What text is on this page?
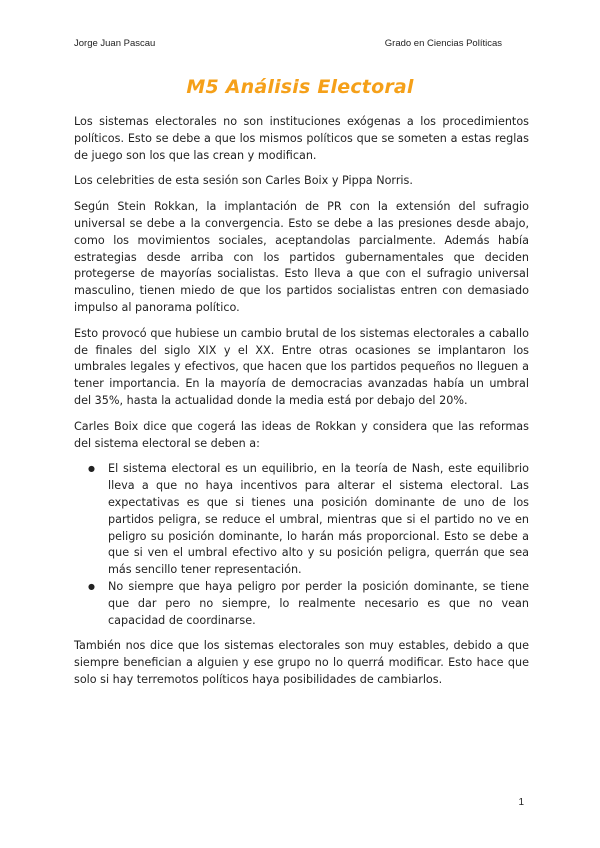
Jorge Juan Pascau	Grado en Ciencias Políticas
M5 Análisis Electoral

Los sistemas electorales no son instituciones exógenas a los procedimientos políticos. Esto se debe a que los mismos políticos que se someten a estas reglas de juego son los que las crean y modifican.

Los celebrities de esta sesión son Carles Boix y Pippa Norris.

Según Stein Rokkan, la implantación de PR con la extensión del sufragio universal se debe a la convergencia. Esto se debe a las presiones desde abajo, como los movimientos sociales, aceptandolas parcialmente. Además había estrategias desde arriba con los partidos gubernamentales que deciden protegerse de mayorías socialistas. Esto lleva a que con el sufragio universal masculino, tienen miedo de que los partidos socialistas entren con demasiado impulso al panorama político.

Esto provocó que hubiese un cambio brutal de los sistemas electorales a caballo de finales del siglo XIX y el XX. Entre otras ocasiones se implantaron los umbrales legales y efectivos, que hacen que los partidos pequeños no lleguen a tener importancia. En la mayoría de democracias avanzadas había un umbral del 35%, hasta la actualidad donde la media está por debajo del 20%.

Carles Boix dice que cogerá las ideas de Rokkan y considera que las reformas del sistema electoral se deben a:

● El sistema electoral es un equilibrio, en la teoría de Nash, este equilibrio lleva a que no haya incentivos para alterar el sistema electoral. Las expectativas es que si tienes una posición dominante de uno de los partidos peligra, se reduce el umbral, mientras que si el partido no ve en peligro su posición dominante, lo harán más proporcional. Esto se debe a que si ven el umbral efectivo alto y su posición peligra, querrán que sea más sencillo tener representación.
● No siempre que haya peligro por perder la posición dominante, se tiene que dar pero no siempre, lo realmente necesario es que no vean capacidad de coordinarse.

También nos dice que los sistemas electorales son muy estables, debido a que siempre benefician a alguien y ese grupo no lo querrá modificar. Esto hace que solo si hay terremotos políticos haya posibilidades de cambiarlos.

1
